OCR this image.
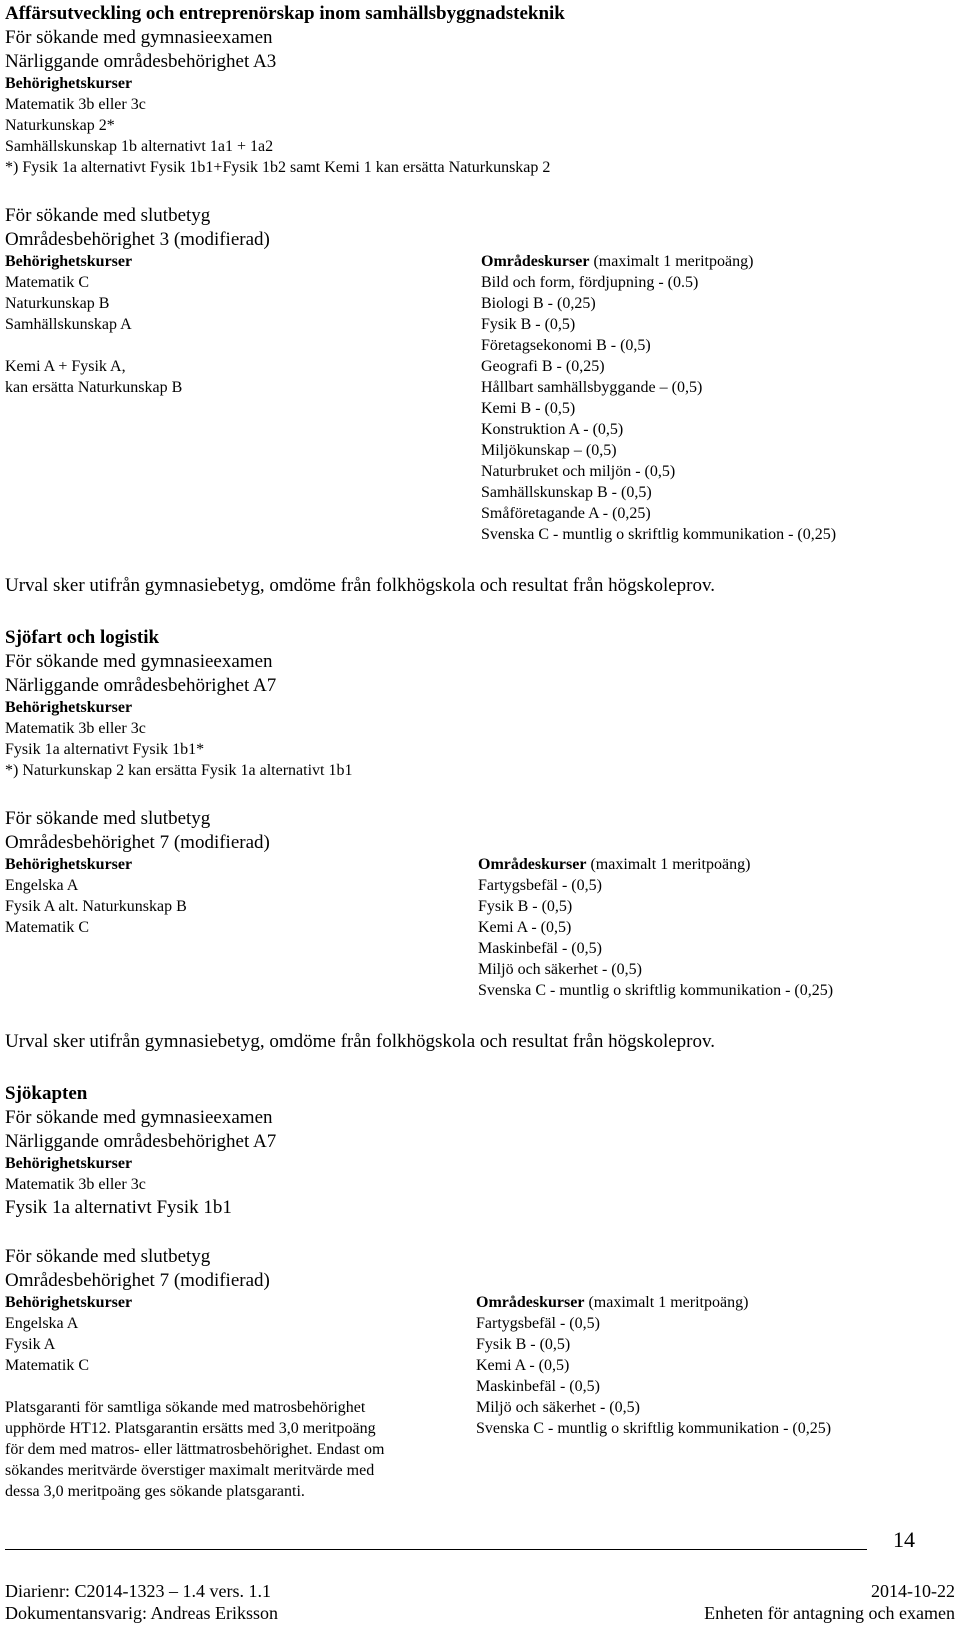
Affärsutveckling och entreprenörskap inom samhällsbyggnadsteknik
För sökande med gymnasieexamen
Närliggande områdesbehörighet A3
Behörighetskurser
Matematik 3b eller 3c
Naturkunskap 2*
Samhällskunskap 1b alternativt 1a1 + 1a2
*) Fysik 1a alternativt Fysik 1b1+Fysik 1b2 samt Kemi 1 kan ersätta Naturkunskap 2
För sökande med slutbetyg
Områdesbehörighet 3 (modifierad)
Behörighetskurser
Matematik C
Naturkunskap B
Samhällskunskap A
Kemi A + Fysik A,
kan ersätta Naturkunskap B
Områdeskurser (maximalt 1 meritpoäng)
Bild och form, fördjupning - (0.5)
Biologi B - (0,25)
Fysik B - (0,5)
Företagsekonomi B - (0,5)
Geografi B - (0,25)
Hållbart samhällsbyggande – (0,5)
Kemi B - (0,5)
Konstruktion A - (0,5)
Miljökunskap – (0,5)
Naturbruket och miljön - (0,5)
Samhällskunskap B - (0,5)
Småföretagande A - (0,25)
Svenska C - muntlig o skriftlig kommunikation - (0,25)
Urval sker utifrån gymnasiebetyg, omdöme från folkhögskola och resultat från högskoleprov.
Sjöfart och logistik
För sökande med gymnasieexamen
Närliggande områdesbehörighet A7
Behörighetskurser
Matematik 3b eller 3c
Fysik 1a alternativt Fysik 1b1*
*) Naturkunskap 2 kan ersätta Fysik 1a alternativt 1b1
För sökande med slutbetyg
Områdesbehörighet 7 (modifierad)
Behörighetskurser
Engelska A
Fysik A alt. Naturkunskap B
Matematik C
Områdeskurser (maximalt 1 meritpoäng)
Fartygsbefäl - (0,5)
Fysik B - (0,5)
Kemi A - (0,5)
Maskinbefäl - (0,5)
Miljö och säkerhet - (0,5)
Svenska C - muntlig o skriftlig kommunikation - (0,25)
Urval sker utifrån gymnasiebetyg, omdöme från folkhögskola och resultat från högskoleprov.
Sjökapten
För sökande med gymnasieexamen
Närliggande områdesbehörighet A7
Behörighetskurser
Matematik 3b eller 3c
Fysik 1a alternativt Fysik 1b1
För sökande med slutbetyg
Områdesbehörighet 7 (modifierad)
Behörighetskurser
Engelska A
Fysik A
Matematik C
Platsgaranti för samtliga sökande med matrosbehörighet
upphörde HT12. Platsgarantin ersätts med 3,0 meritpoäng
för dem med matros- eller lättmatrosbehörighet. Endast om
sökandes meritvärde överstiger maximalt meritvärde med
dessa 3,0 meritpoäng ges sökande platsgaranti.
Områdeskurser (maximalt 1 meritpoäng)
Fartygsbefäl - (0,5)
Fysik B - (0,5)
Kemi A - (0,5)
Maskinbefäl - (0,5)
Miljö och säkerhet - (0,5)
Svenska C - muntlig o skriftlig kommunikation - (0,25)
14
Diarienr: C2014-1323 – 1.4 vers. 1.1	2014-10-22
Dokumentansvarig: Andreas Eriksson	Enheten för antagning och examen
